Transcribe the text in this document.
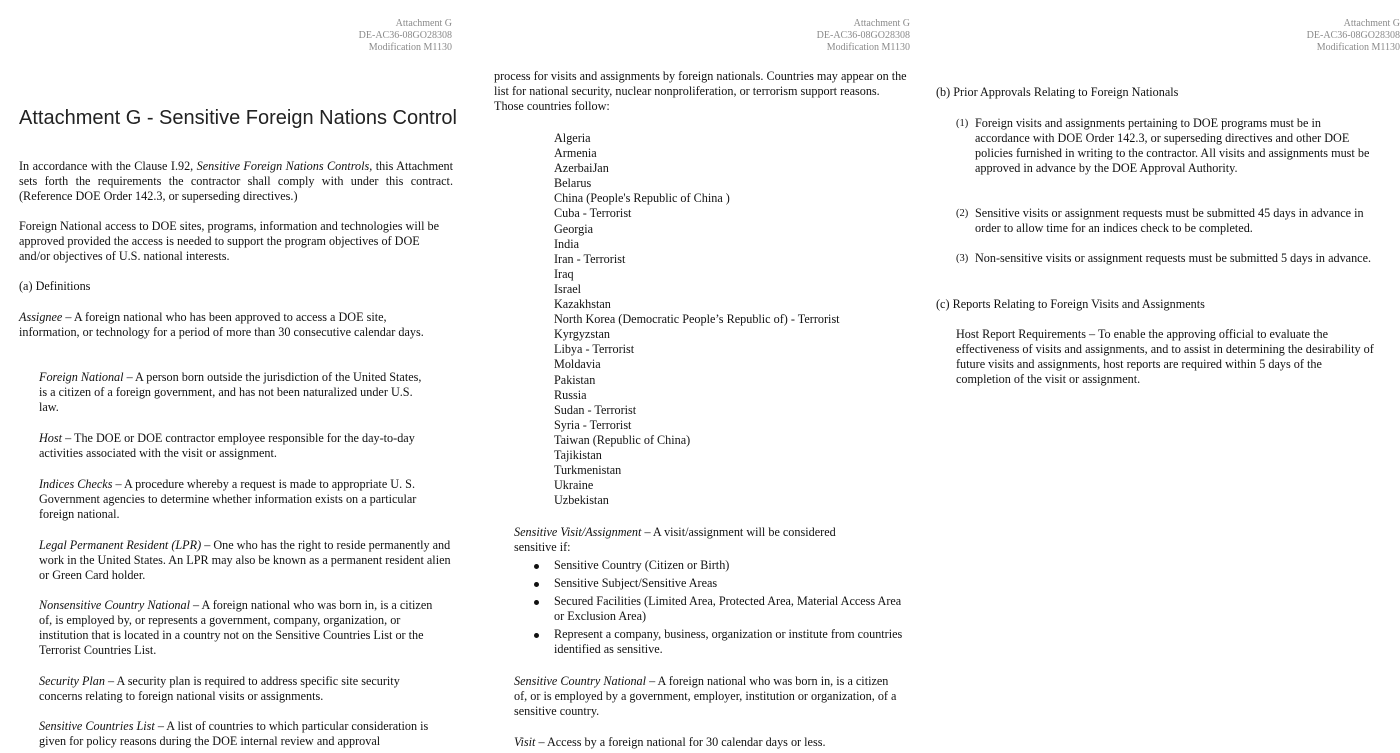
Attachment G
DE-AC36-08GO28308
Modification M1130
Attachment G - Sensitive Foreign Nations Control
In accordance with the Clause I.92, Sensitive Foreign Nations Controls, this Attachment sets forth the requirements the contractor shall comply with under this contract. (Reference DOE Order 142.3, or superseding directives.)
Foreign National access to DOE sites, programs, information and technologies will be approved provided the access is needed to support the program objectives of DOE and/or objectives of U.S. national interests.
(a) Definitions
Assignee – A foreign national who has been approved to access a DOE site, information, or technology for a period of more than 30 consecutive calendar days.
Foreign National – A person born outside the jurisdiction of the United States, is a citizen of a foreign government, and has not been naturalized under U.S. law.
Host – The DOE or DOE contractor employee responsible for the day-to-day activities associated with the visit or assignment.
Indices Checks – A procedure whereby a request is made to appropriate U. S. Government agencies to determine whether information exists on a particular foreign national.
Legal Permanent Resident (LPR) – One who has the right to reside permanently and work in the United States. An LPR may also be known as a permanent resident alien or Green Card holder.
Nonsensitive Country National – A foreign national who was born in, is a citizen of, is employed by, or represents a government, company, organization, or institution that is located in a country not on the Sensitive Countries List or the Terrorist Countries List.
Security Plan – A security plan is required to address specific site security concerns relating to foreign national visits or assignments.
Sensitive Countries List – A list of countries to which particular consideration is given for policy reasons during the DOE internal review and approval
Attachment G
DE-AC36-08GO28308
Modification M1130
process for visits and assignments by foreign nationals. Countries may appear on the list for national security, nuclear nonproliferation, or terrorism support reasons. Those countries follow:
Algeria
Armenia
AzerbaiJan
Belarus
China (People's Republic of China )
Cuba - Terrorist
Georgia
India
Iran - Terrorist
Iraq
Israel
Kazakhstan
North Korea (Democratic People’s Republic of) - Terrorist
Kyrgyzstan
Libya - Terrorist
Moldavia
Pakistan
Russia
Sudan - Terrorist
Syria - Terrorist
Taiwan (Republic of China)
Tajikistan
Turkmenistan
Ukraine
Uzbekistan
Sensitive Visit/Assignment – A visit/assignment will be considered sensitive if:
Sensitive Country (Citizen or Birth)
Sensitive Subject/Sensitive Areas
Secured Facilities (Limited Area, Protected Area, Material Access Area or Exclusion Area)
Represent a company, business, organization or institute from countries identified as sensitive.
Sensitive Country National – A foreign national who was born in, is a citizen of, or is employed by a government, employer, institution or organization, of a sensitive country.
Visit – Access by a foreign national for 30 calendar days or less.
Attachment G
DE-AC36-08GO28308
Modification M1130
(b) Prior Approvals Relating to Foreign Nationals
(1) Foreign visits and assignments pertaining to DOE programs must be in accordance with DOE Order 142.3, or superseding directives and other DOE policies furnished in writing to the contractor. All visits and assignments must be approved in advance by the DOE Approval Authority.
(2) Sensitive visits or assignment requests must be submitted 45 days in advance in order to allow time for an indices check to be completed.
(3) Non-sensitive visits or assignment requests must be submitted 5 days in advance.
(c) Reports Relating to Foreign Visits and Assignments
Host Report Requirements – To enable the approving official to evaluate the effectiveness of visits and assignments, and to assist in determining the desirability of future visits and assignments, host reports are required within 5 days of the completion of the visit or assignment.
